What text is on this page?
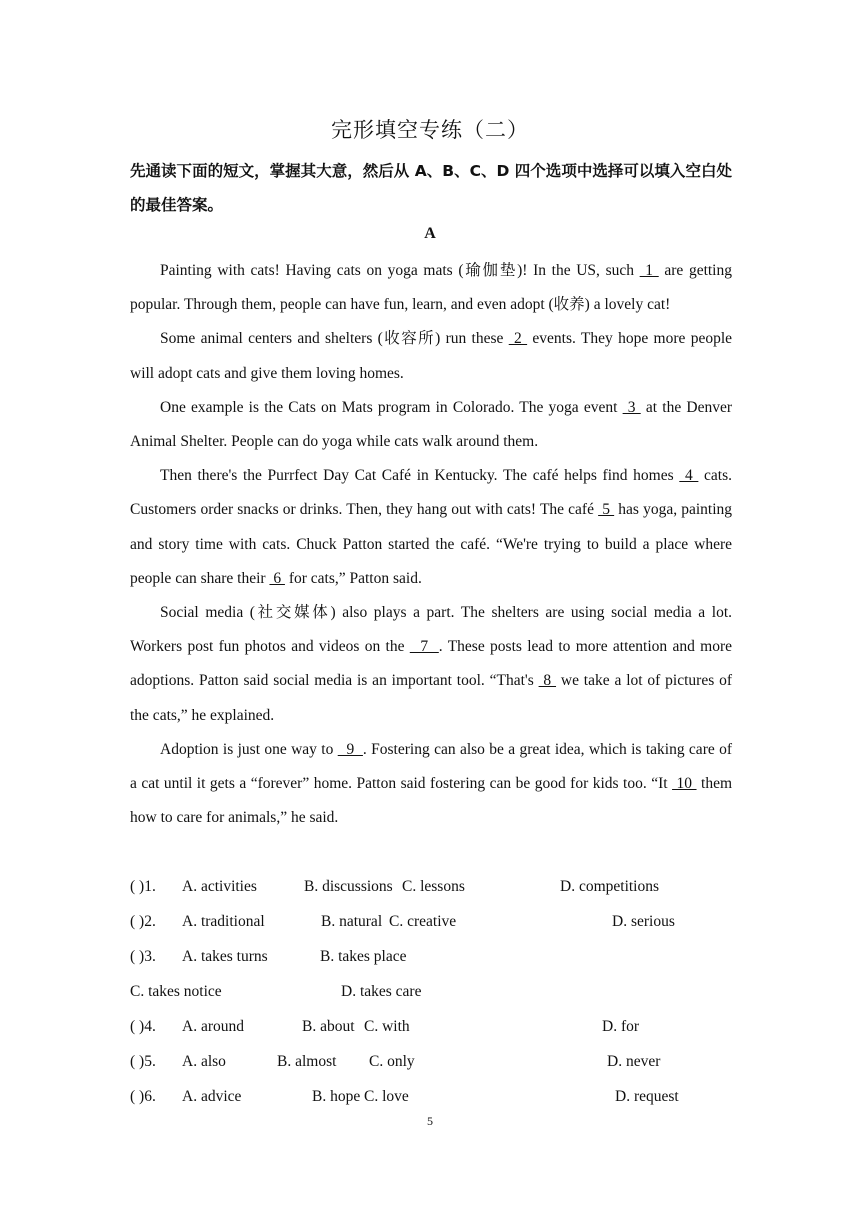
完形填空专练（二）
先通读下面的短文，掌握其大意，然后从 A、B、C、D 四个选项中选择可以填入空白处的最佳答案。
A

Painting with cats! Having cats on yoga mats (瑜伽垫)! In the US, such  1  are getting popular. Through them, people can have fun, learn, and even adopt (收养) a lovely cat!

Some animal centers and shelters (收容所) run these  2  events. They hope more people will adopt cats and give them loving homes.

One example is the Cats on Mats program in Colorado. The yoga event  3  at the Denver Animal Shelter. People can do yoga while cats walk around them.

Then there's the Purrfect Day Cat Café in Kentucky. The café helps find homes  4  cats. Customers order snacks or drinks. Then, they hang out with cats! The café  5  has yoga, painting and story time with cats. Chuck Patton started the café. “We're trying to build a place where people can share their  6  for cats,” Patton said.

Social media (社交媒体) also plays a part. The shelters are using social media a lot. Workers post fun photos and videos on the   7  . These posts lead to more attention and more adoptions. Patton said social media is an important tool. “That's  8  we take a lot of pictures of the cats,” he explained.

Adoption is just one way to   9  . Fostering can also be a great idea, which is taking care of a cat until it gets a “forever” home. Patton said fostering can be good for kids too. “It  10  them how to care for animals,” he said.

( )1. A. activities	B. discussions C. lessons	D. competitions
( )2. A. traditional	B. natural C. creative	D. serious
( )3. A. takes turns	B. takes place
C. takes notice	D. takes care
( )4. A. around	B. about C. with	D. for
( )5. A. also	B. almost C. only	D. never
( )6. A. advice	B. hope C. love	D. request
5
